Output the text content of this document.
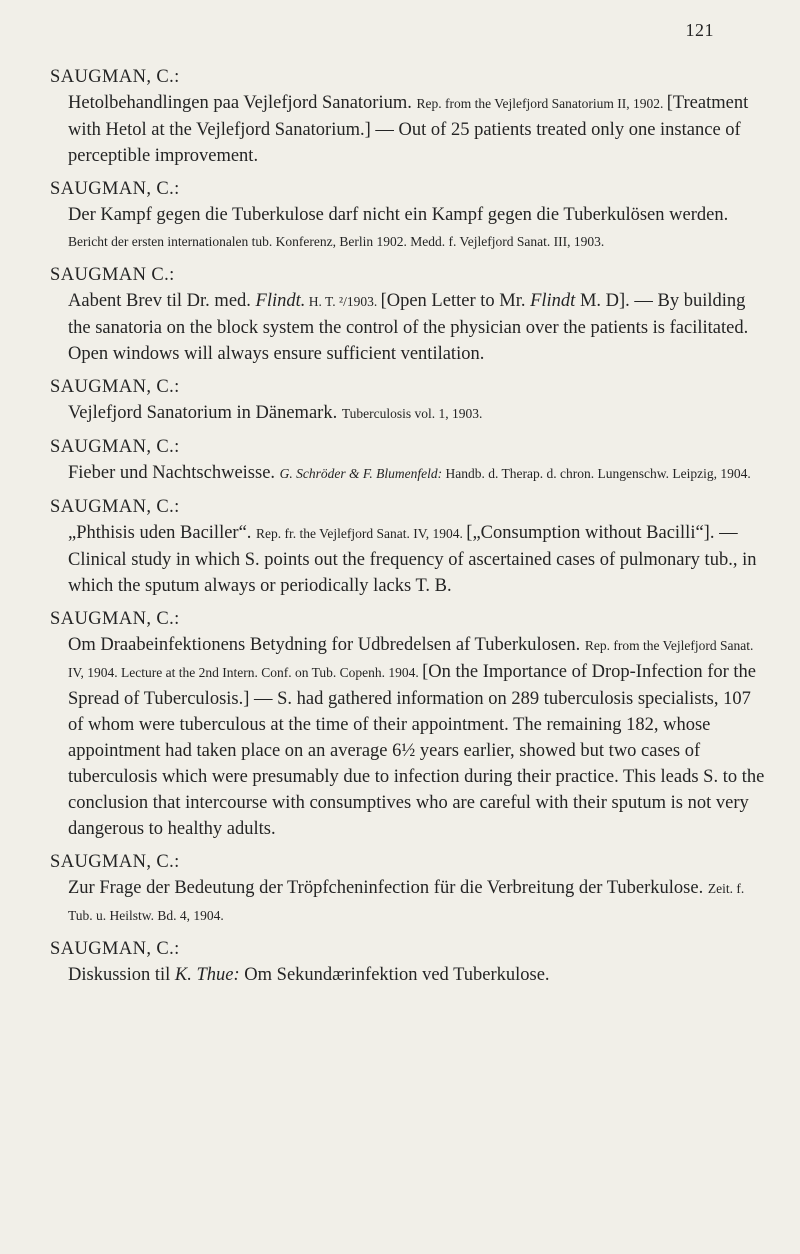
121
SAUGMAN, C.:
Hetolbehandlingen paa Vejlefjord Sanatorium. Rep. from the Vejlefjord Sanatorium II, 1902. [Treatment with Hetol at the Vejlefjord Sanatorium.] — Out of 25 patients treated only one instance of perceptible improvement.
SAUGMAN, C.:
Der Kampf gegen die Tuberkulose darf nicht ein Kampf gegen die Tuberkulösen werden. Bericht der ersten internationalen tub. Konferenz, Berlin 1902. Medd. f. Vejlefjord Sanat. III, 1903.
SAUGMAN C.:
Aabent Brev til Dr. med. Flindt. H. T. ²/1903. [Open Letter to Mr. Flindt M. D]. — By building the sanatoria on the block system the control of the physician over the patients is facilitated. Open windows will always ensure sufficient ventilation.
SAUGMAN, C.:
Vejlefjord Sanatorium in Dänemark. Tuberculosis vol. 1, 1903.
SAUGMAN, C.:
Fieber und Nachtschweisse. G. Schröder & F. Blumenfeld: Handb. d. Therap. d. chron. Lungenschw. Leipzig, 1904.
SAUGMAN, C.:
„Phthisis uden Baciller“. Rep. fr. the Vejlefjord Sanat. IV, 1904. [„Consumption without Bacilli“]. — Clinical study in which S. points out the frequency of ascertained cases of pulmonary tub., in which the sputum always or periodically lacks T. B.
SAUGMAN, C.:
Om Draabeinfektionens Betydning for Udbredelsen af Tuberkulosen. Rep. from the Vejlefjord Sanat. IV, 1904. Lecture at the 2nd Intern. Conf. on Tub. Copenh. 1904. [On the Importance of Drop-Infection for the Spread of Tuberculosis.] — S. had gathered information on 289 tuberculosis specialists, 107 of whom were tuberculous at the time of their appointment. The remaining 182, whose appointment had taken place on an average 6½ years earlier, showed but two cases of tuberculosis which were presumably due to infection during their practice. This leads S. to the conclusion that intercourse with consumptives who are careful with their sputum is not very dangerous to healthy adults.
SAUGMAN, C.:
Zur Frage der Bedeutung der Tröpfcheninfection für die Verbreitung der Tuberkulose. Zeit. f. Tub. u. Heilstw. Bd. 4, 1904.
SAUGMAN, C.:
Diskussion til K. Thue: Om Sekundærinfektion ved Tuberkulose.
